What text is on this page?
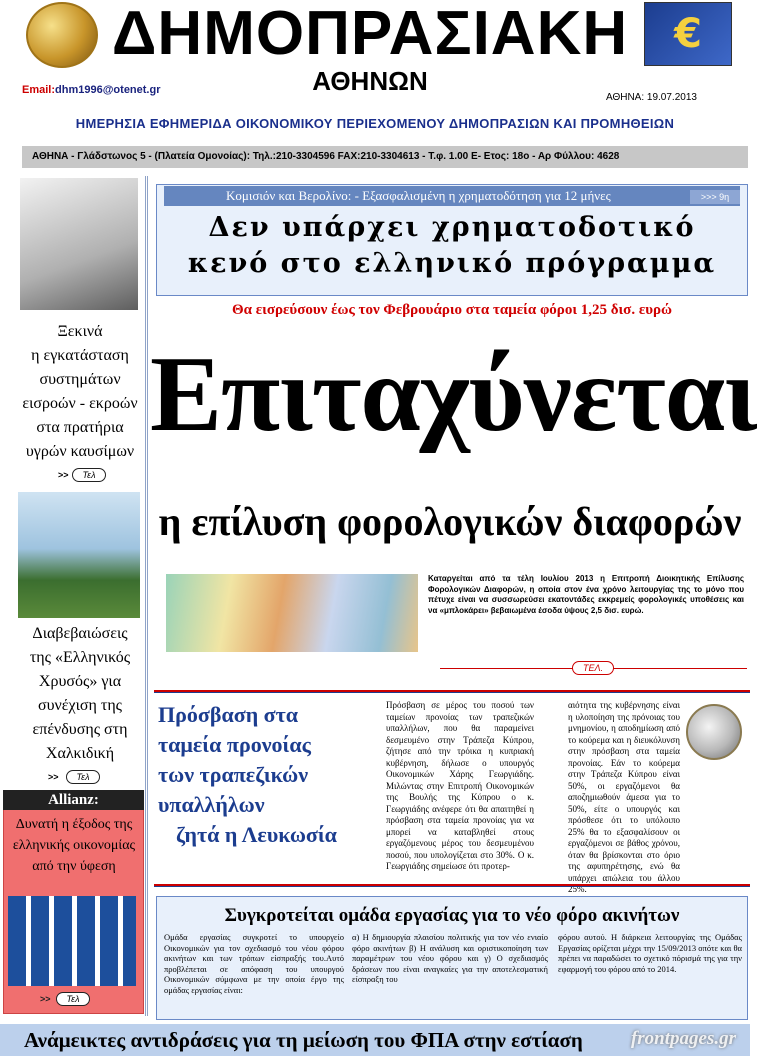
ΔΗΜΟΠΡΑΣΙΑΚΗ
ΑΘΗΝΩΝ
€
Email:dhm1996@otenet.gr
ΑΘΗΝΑ: 19.07.2013
ΗΜΕΡΗΣΙΑ ΕΦΗΜΕΡΙΔΑ ΟΙΚΟΝΟΜΙΚΟΥ ΠΕΡΙΕΧΟΜΕΝΟΥ ΔΗΜΟΠΡΑΣΙΩΝ ΚΑΙ ΠΡΟΜΗΘΕΙΩΝ
ΑΘΗΝΑ - Γλάδστωνος 5 - (Πλατεία Ομονοίας): Τηλ.:210-3304596 FAX:210-3304613 - Τ.φ. 1.00 Ε- Ετος: 18ο - Αρ Φύλλου: 4628
Ξεκινά
η εγκατάσταση
συστημάτων
εισροών - εκροών
στα πρατήρια
υγρών καυσίμων
>>	Τελ
Διαβεβαιώσεις
της «Ελληνικός
Χρυσός» για
συνέχιση της
επένδυσης στη
Χαλκιδική
>>	Τελ
Allianz:
Δυνατή η έξοδος της
ελληνικής οικονομίας
από την ύφεση
>>	Τελ
Κομισιόν και Βερολίνο: - Εξασφαλισμένη η χρηματοδότηση για 12 μήνες	>>> 9η
Δεν υπάρχει χρηματοδοτικό
κενό στο ελληνικό πρόγραμμα
Θα εισρεύσουν έως τον Φεβρουάριο στα ταμεία φόροι 1,25 δισ. ευρώ
Επιταχύνεται
η επίλυση φορολογικών διαφορών
Καταργείται από τα τέλη Ιουλίου 2013 η Επιτροπή Διοικητικής Επίλυσης Φορολογικών Διαφορών, η οποία στον ένα χρόνο λειτουργίας της το μόνο που πέτυχε είναι να συσσωρεύσει εκατοντάδες εκκρεμείς φορολογικές υποθέσεις και να «μπλοκάρει» βεβαιωμένα έσοδα ύψους 2,5 δισ. ευρώ.
ΤΕΛ.
Πρόσβαση στα
ταμεία προνοίας
των τραπεζικών
υπαλλήλων
ζητά η Λευκωσία
Πρόσβαση σε μέρος του ποσού των ταμείων προνοίας των τραπεζικών υπαλλήλων, που θα παραμείνει δεσμευμένο στην Τράπεζα Κύπρου, ζήτησε από την τρόικα η κυπριακή κυβέρνηση, δήλωσε ο υπουργός Οικονομικών Χάρης Γεωργιάδης. Μιλώντας στην Επιτροπή Οικονομικών της Βουλής της Κύπρου ο κ. Γεωργιάδης ανέφερε ότι θα απαιτηθεί η πρόσβαση στα ταμεία προνοίας για να μπορεί να καταβληθεί στους εργαζόμενους μέρος του δεσμευμένου ποσού, που υπολογίζεται στο 30%. Ο κ. Γεωργιάδης σημείωσε ότι προτερ-
αιότητα της κυβέρνησης είναι η υλοποίηση της πρόνοιας του μνημονίου, η αποδημίωση από το κούρεμα και η διευκόλυνση στην πρόσβαση στα ταμεία προνοίας. Εάν το κούρεμα στην Τράπεζα Κύπρου είναι 50%, οι εργαζόμενοι θα αποζημιωθούν άμεσα για το 50%, είτε ο υπουργός και πρόσθεσε ότι το υπόλοιπο 25% θα το εξασφαλίσουν οι εργαζόμενοι σε βάθος χρόνου, όταν θα βρίσκονται στο όριο της αφυπηρέτησης, ενώ θα υπάρχει απώλεια του άλλου 25%.
Συγκροτείται ομάδα εργασίας για το νέο φόρο ακινήτων
Ομάδα εργασίας συγκροτεί το υπουργείο Οικονομικών για τον σχεδιασμό του νέου φόρου ακινήτων και των τρόπων είσπραξής του.Αυτό προβλέπεται σε απόφαση του υπουργού Οικονομικών σύμφωνα με την οποία έργο της ομάδας εργασίας είναι:
α) Η δημιουργία πλαισίου πολιτικής για τον νέο ενιαίο φόρο ακινήτων β) Η ανάλυση και οριστικοποίηση των παραμέτρων του νέου φόρου και γ) Ο σχεδιασμός δράσεων που είναι αναγκαίες για την αποτελεσματική είσπραξη του
φόρου αυτού. Η διάρκεια λειτουργίας της Ομάδας Εργασίας ορίζεται μέχρι την 15/09/2013 οπότε και θα πρέπει να παραδώσει το σχετικό πόρισμά της για την εφαρμογή του φόρου από το 2014.
Ανάμεικτες αντιδράσεις για τη μείωση του ΦΠΑ στην εστίαση	frontpages.gr
